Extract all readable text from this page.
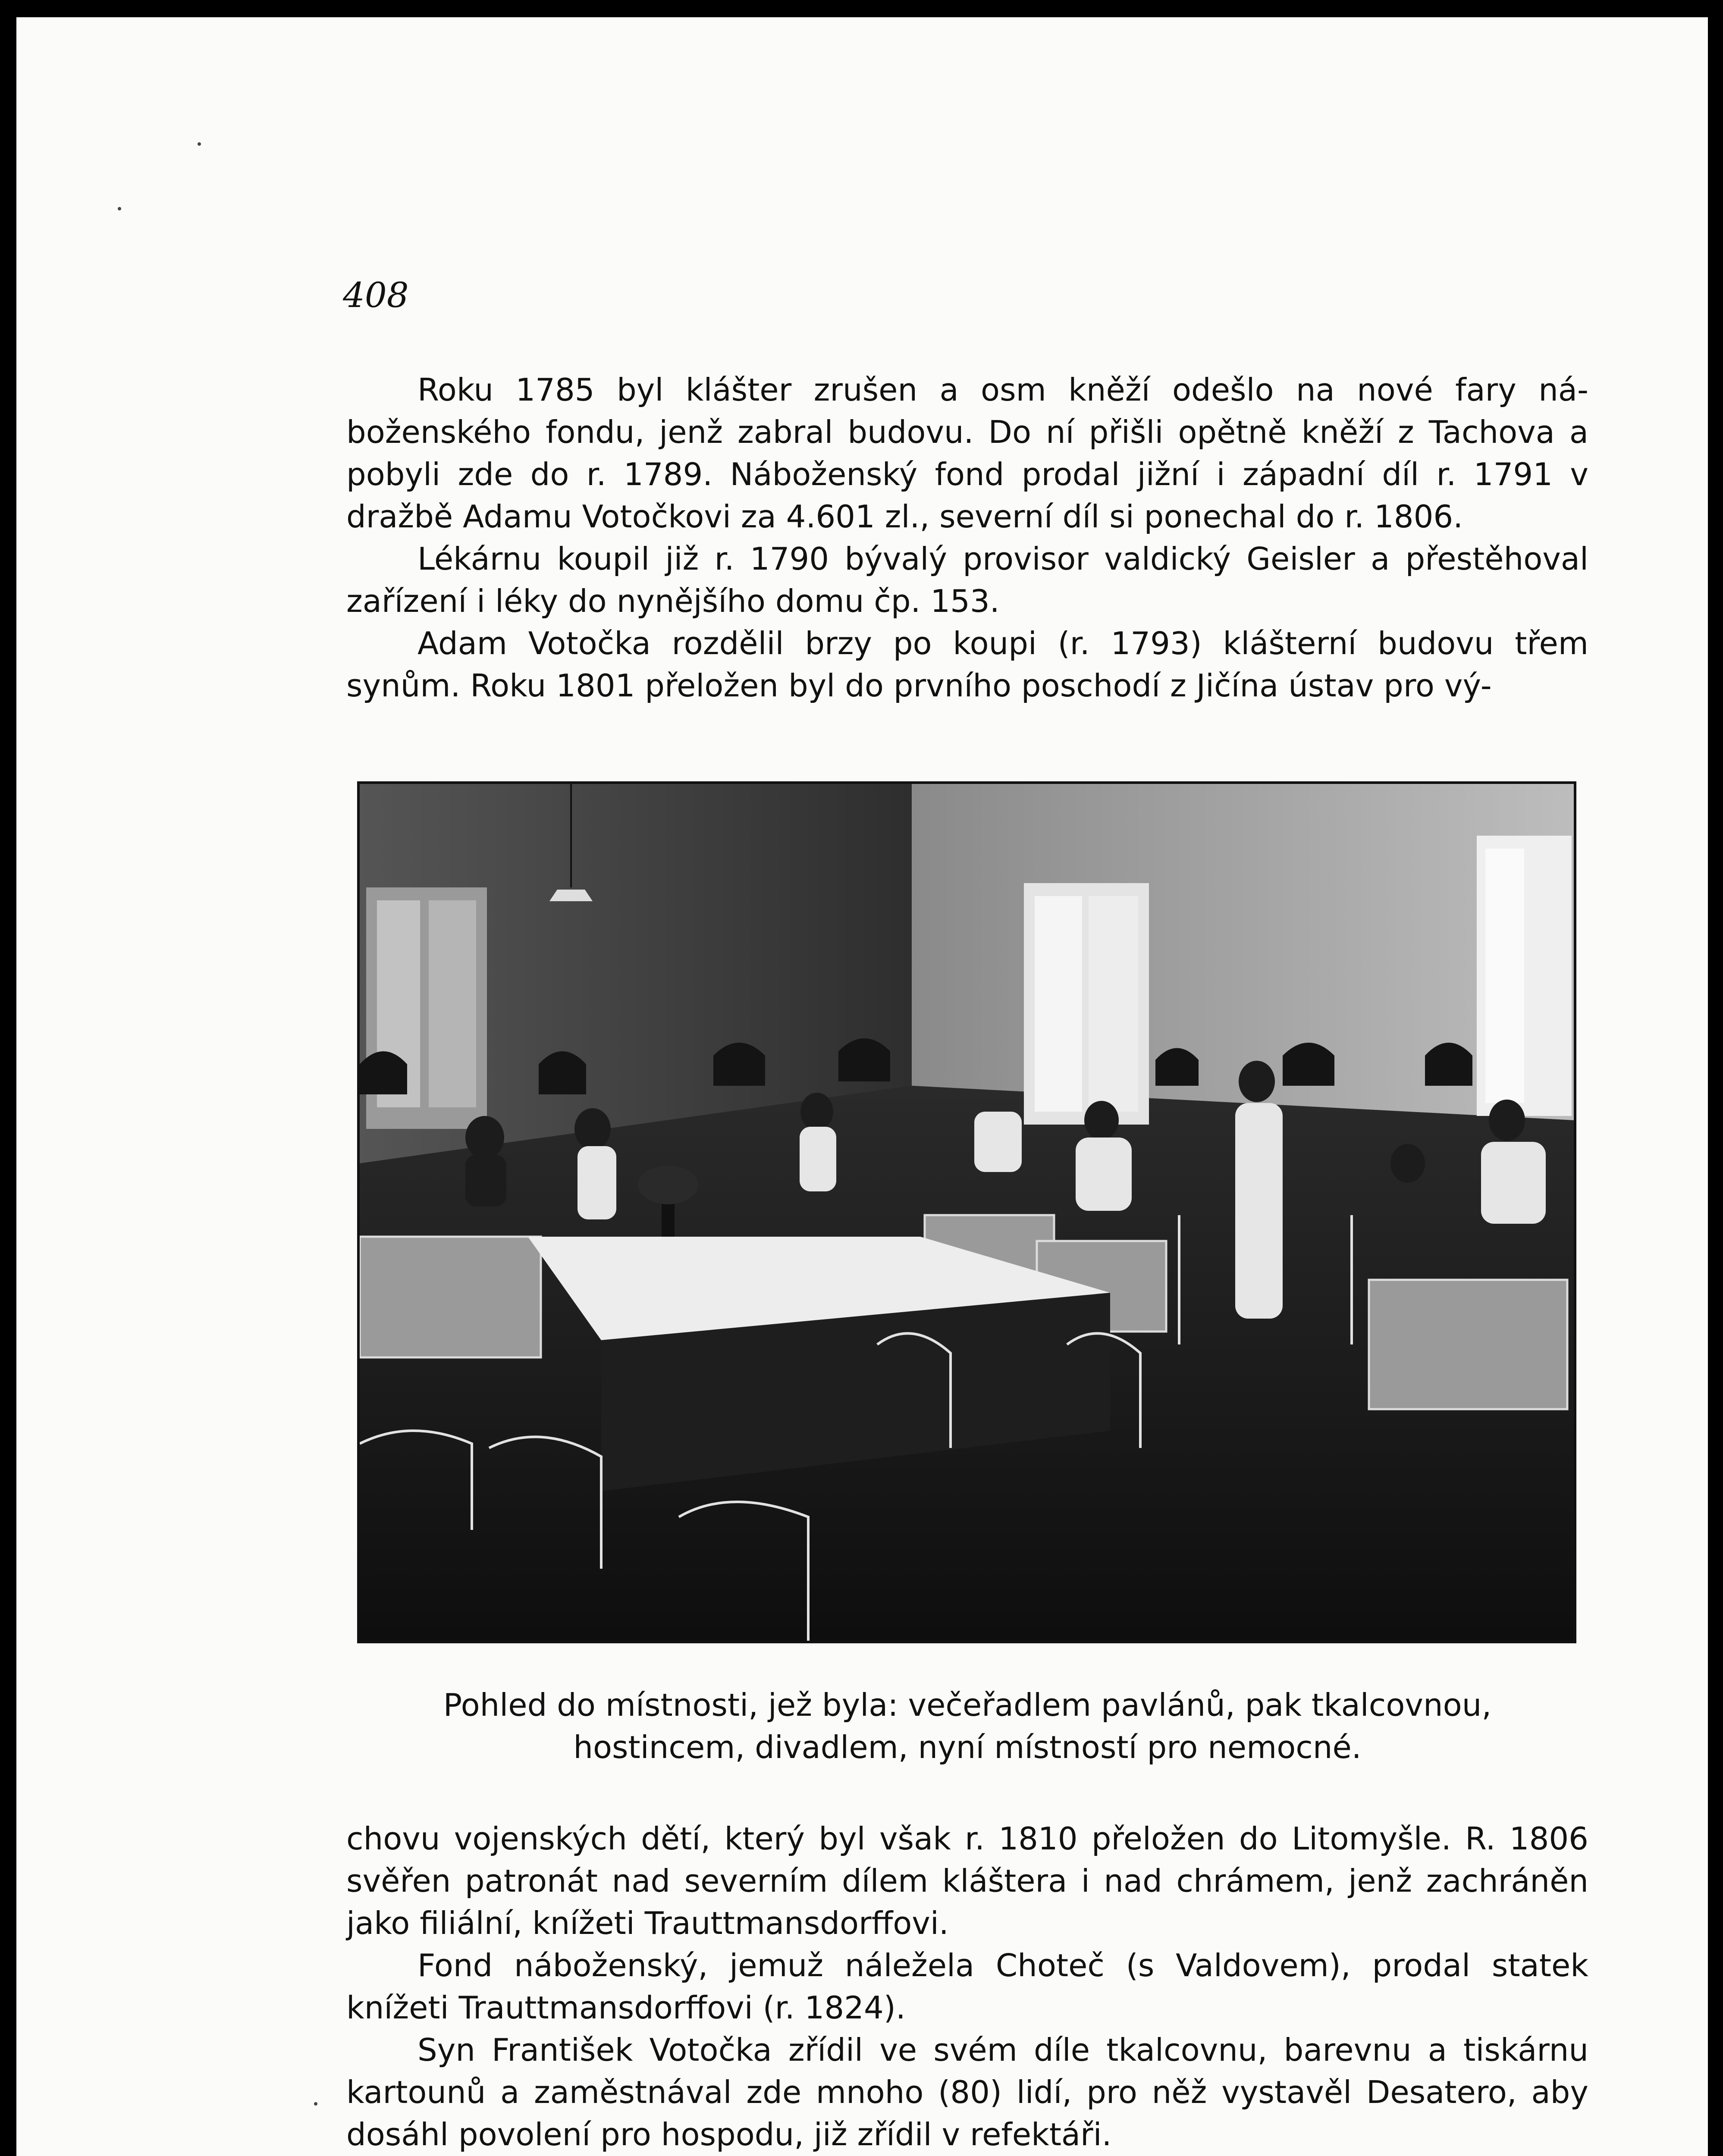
408

Roku 1785 byl klášter zrušen a osm kněží odešlo na nové fary náboženského fondu, jenž zabral budovu. Do ní přišli opětně kněží z Tachova a pobyli zde do r. 1789. Náboženský fond prodal jižní i západní díl r. 1791 v dražbě Adamu Votočkovi za 4.601 zl., severní díl si ponechal do r. 1806.

Lékárnu koupil již r. 1790 bývalý provisor valdický Geisler a přestěhoval zařízení i léky do nynějšího domu čp. 153.

Adam Votočka rozdělil brzy po koupi (r. 1793) klášterní budovu třem synům. Roku 1801 přeložen byl do prvního poschodí z Jičína ústav pro vý-

Pohled do místnosti, jež byla: večeřadlem pavlánů, pak tkalcovnou,
hostincem, divadlem, nyní místností pro nemocné.

chovu vojenských dětí, který byl však r. 1810 přeložen do Litomyšle. R. 1806 svěřen patronát nad severním dílem kláštera i nad chrámem, jenž zachráněn jako filiální, knížeti Trauttmansdorffovi.

Fond náboženský, jemuž náležela Choteč (s Valdovem), prodal statek knížeti Trauttmansdorffovi (r. 1824).

Syn František Votočka zřídil ve svém díle tkalcovnu, barevnu a tiskárnu kartounů a zaměstnával zde mnoho (80) lidí, pro něž vystavěl Desatero, aby dosáhl povolení pro hospodu, již zřídil v refektáři.
